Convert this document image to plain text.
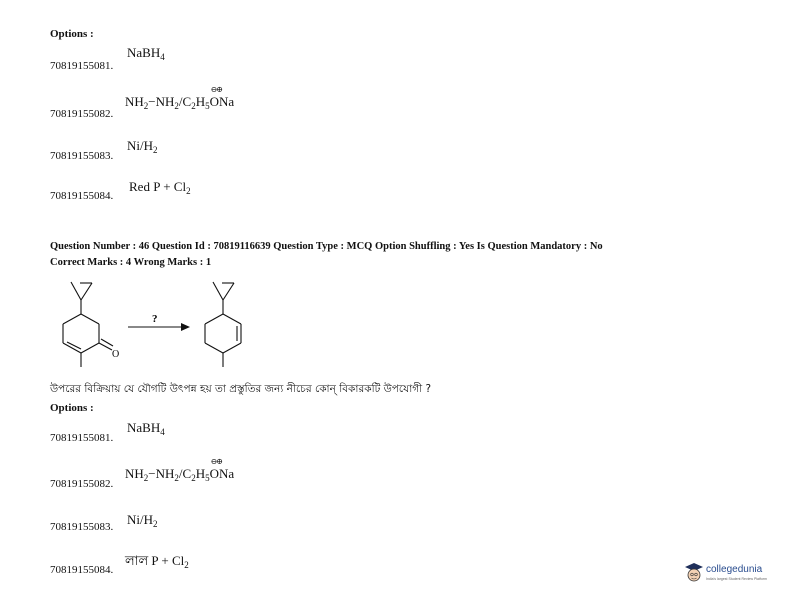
Options :
70819155081.
NaBH$_4$
70819155082.
$NH_2-NH_2/C_2H_5$
⊖⊕
ONa
70819155083.
$Ni/H_2$
70819155084.
Red $P + Cl_2$
Question Number : 46 Question Id : 70819116639 Question Type : MCQ Option Shuffling : Yes Is Question Mandatory : No
Correct Marks : 4 Wrong Marks : 1
?
O
উপরের বিক্রিয়ায় যে যৌগটি উৎপন্ন হয় তা প্রস্তুতির জন্য নীচের কোন্ বিকারকটি উপযোগী ?
Options :
70819155081.
NaBH$_4$
70819155082.
$NH_2-NH_2/C_2H_5$
⊖⊕
ONa
70819155083. $Ni/H_2$
70819155084.
লাল $P + Cl_2$	collegedunia
India's largest Student Review Platform
